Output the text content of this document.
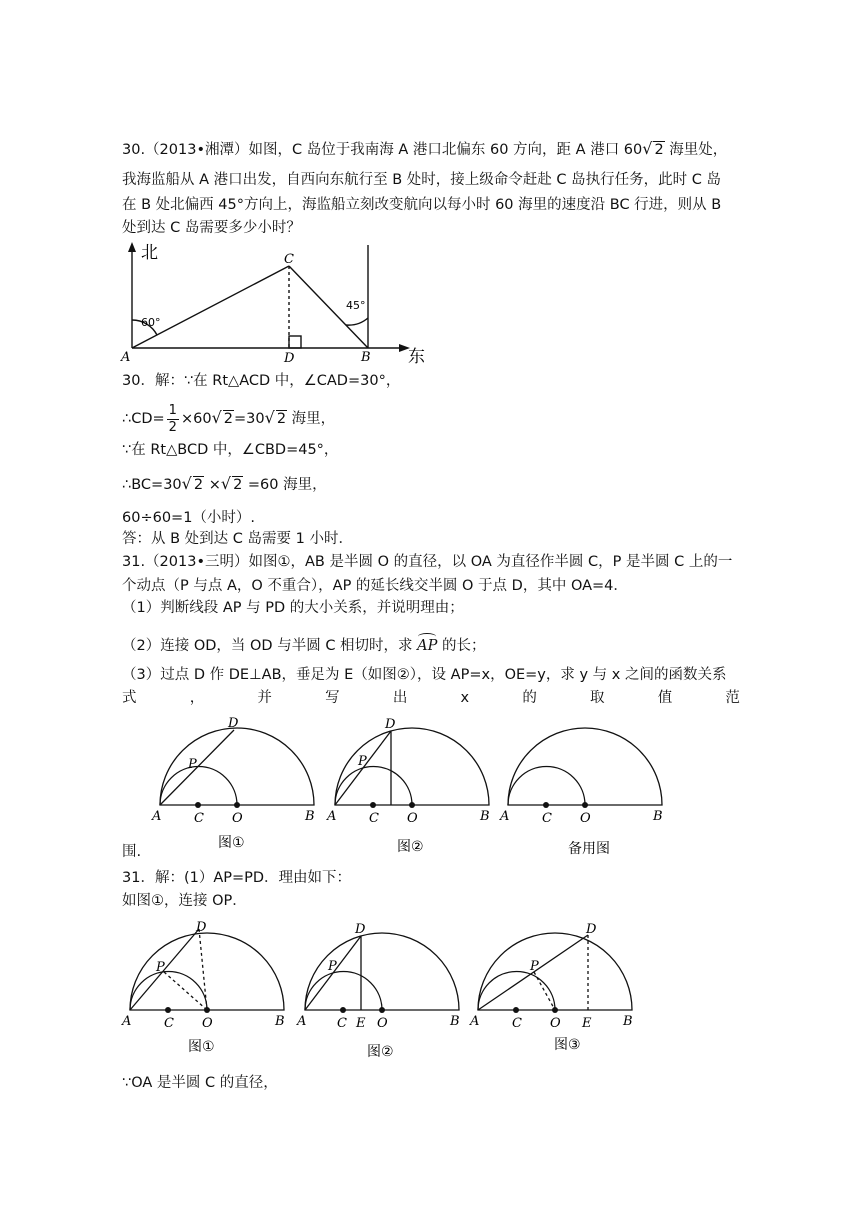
30.（2013•湘潭）如图，C 岛位于我南海 A 港口北偏东 60 方向，距 A 港口 60√ 2 海里处，
我海监船从 A 港口出发，自西向东航行至 B 处时，接上级命令赶赴 C 岛执行任务，此时 C 岛
在 B 处北偏西 45°方向上，海监船立刻改变航向以每小时 60 海里的速度沿 BC 行进，则从 B
处到达 C 岛需要多少小时？
北
东
A
C
D	B
60°
45°
30．解：∵在 Rt△ACD 中，∠CAD=30°，
∴CD= $\frac{1}{2} \times 60√$ 2=30√ 2 海里，
∵在 Rt△BCD 中，∠CBD=45°，
∴BC=30√ 2 ×√ 2 =60 海里，
60÷60=1（小时）.
答：从 B 处到达 C 岛需要 1 小时．
31.（2013•三明）如图①，AB 是半圆 O 的直径，以 OA 为直径作半圆 C，P 是半圆 C 上的一
个动点（P 与点 A，O 不重合），AP 的延长线交半圆 O 于点 D，其中 OA=4．
（1）判断线段 AP 与 PD 的大小关系，并说明理由；
（2）连接 OD，当 OD 与半圆 C 相切时，求 AP 的长；
（3）过点 D 作 DE⊥AB，垂足为 E（如图②），设 AP=x，OE=y，求 y 与 x 之间的函数关系
式	，	并	写	出	x	的	取	值	范
D
P
A	C O	B
图①
D
P
A	C O	B
图②
A	C O	B
备用图
围.
31．解：(1）AP=PD．理由如下：
如图①，连接 OP．
D
P
A	C O	B
图①
D
P
A C E O	B
图②
D
P
A	C O E B
图③
∵OA 是半圆 C 的直径，
